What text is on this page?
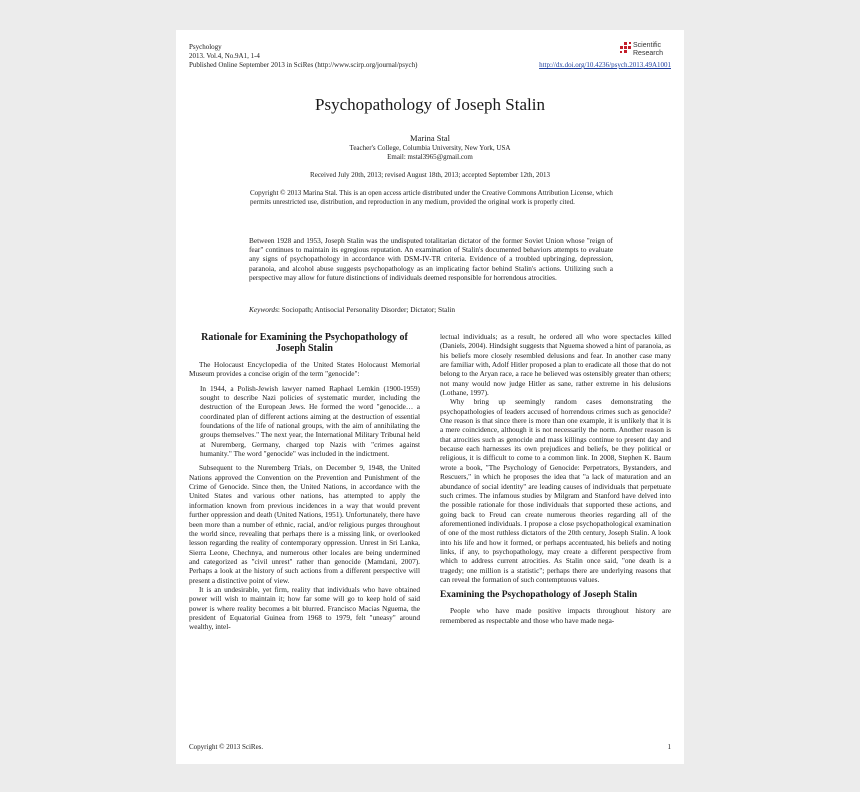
Psychology
2013. Vol.4, No.9A1, 1-4
Published Online September 2013 in SciRes (http://www.scirp.org/journal/psych)	http://dx.doi.org/10.4236/psych.2013.49A1001
Scientific
Research
Psychopathology of Joseph Stalin
Marina Stal
Teacher's College, Columbia University, New York, USA
Email: mstal3965@gmail.com
Received July 20th, 2013; revised August 18th, 2013; accepted September 12th, 2013
Copyright © 2013 Marina Stal. This is an open access article distributed under the Creative Commons Attribution License, which permits unrestricted use, distribution, and reproduction in any medium, provided the original work is properly cited.
Between 1928 and 1953, Joseph Stalin was the undisputed totalitarian dictator of the former Soviet Union whose "reign of fear" continues to maintain its egregious reputation. An examination of Stalin's documented behaviors attempts to evaluate any signs of psychopathology in accordance with DSM-IV-TR criteria. Evidence of a troubled upbringing, depression, paranoia, and alcohol abuse suggests psychopathology as an implicating factor behind Stalin's actions. Utilizing such a perspective may allow for future distinctions of individuals deemed responsible for horrendous atrocities.
Keywords: Sociopath; Antisocial Personality Disorder; Dictator; Stalin
Rationale for Examining the Psychopathology of Joseph Stalin

The Holocaust Encyclopedia of the United States Holocaust Memorial Museum provides a concise origin of the term "genocide":

In 1944, a Polish-Jewish lawyer named Raphael Lemkin (1900-1959) sought to describe Nazi policies of systematic murder, including the destruction of the European Jews. He formed the word "genocide… a coordinated plan of different actions aiming at the destruction of essential foundations of the life of national groups, with the aim of annihilating the groups themselves." The next year, the International Military Tribunal held at Nuremberg, Germany, charged top Nazis with "crimes against humanity." The word "genocide" was included in the indictment.

Subsequent to the Nuremberg Trials, on December 9, 1948, the United Nations approved the Convention on the Prevention and Punishment of the Crime of Genocide. Since then, the United Nations, in accordance with the United States and various other nations, has attempted to apply the information known from previous incidences in a way that would prevent further oppression and death (United Nations, 1951). Unfortunately, there have been more than a number of ethnic, racial, and/or religious purges throughout the world since, revealing that perhaps there is a missing link, or overlooked lesson regarding the reality of contemporary oppression. Unrest in Sri Lanka, Sierra Leone, Chechnya, and numerous other locales are being undermined and categorized as "civil unrest" rather than genocide (Mamdani, 2007). Perhaps a look at the history of such actions from a different perspective will present a distinctive point of view.

It is an undesirable, yet firm, reality that individuals who have obtained power will wish to maintain it; how far some will go to keep hold of said power is where reality becomes a bit blurred. Francisco Macias Nguema, the president of Equatorial Guinea from 1968 to 1979, felt "uneasy" around wealthy, intel-

lectual individuals; as a result, he ordered all who wore spectacles killed (Daniels, 2004). Hindsight suggests that Nguema showed a hint of paranoia, as his beliefs more closely resembled delusions and fear. In another case many are familiar with, Adolf Hitler proposed a plan to eradicate all those that do not belong to the Aryan race, a race he believed was ostensibly greater than others; not many would now judge Hitler as sane, rather extreme in his delusions (Lothane, 1997).

Why bring up seemingly random cases demonstrating the psychopathologies of leaders accused of horrendous crimes such as genocide? One reason is that since there is more than one example, it is unlikely that it is a mere coincidence, although it is not necessarily the norm. Another reason is that atrocities such as genocide and mass killings continue to present day and because each harnesses its own prejudices and beliefs, be they political or religious, it is difficult to come to a common link. In 2008, Stephen K. Baum wrote a book, "The Psychology of Genocide: Perpetrators, Bystanders, and Rescuers," in which he proposes the idea that "a lack of maturation and an abundance of social identity" are leading causes of individuals that perpetuate such crimes. The infamous studies by Milgram and Stanford have delved into the possible rationale for those individuals that supported these actions, and going back to Freud can create numerous theories regarding all of the aforementioned individuals. I propose a close psychopathological examination of one of the most ruthless dictators of the 20th century, Joseph Stalin. A look into his life and how it formed, or perhaps accentuated, his beliefs and noting links, if any, to psychopathology, may create a different perspective from which to address current atrocities. As Stalin once said, "one death is a tragedy; one million is a statistic"; perhaps there are underlying reasons that can reveal the formation of such contemptuous values.

Examining the Psychopathology of Joseph Stalin

People who have made positive impacts throughout history are remembered as respectable and those who have made nega-

Copyright © 2013 SciRes.	1
